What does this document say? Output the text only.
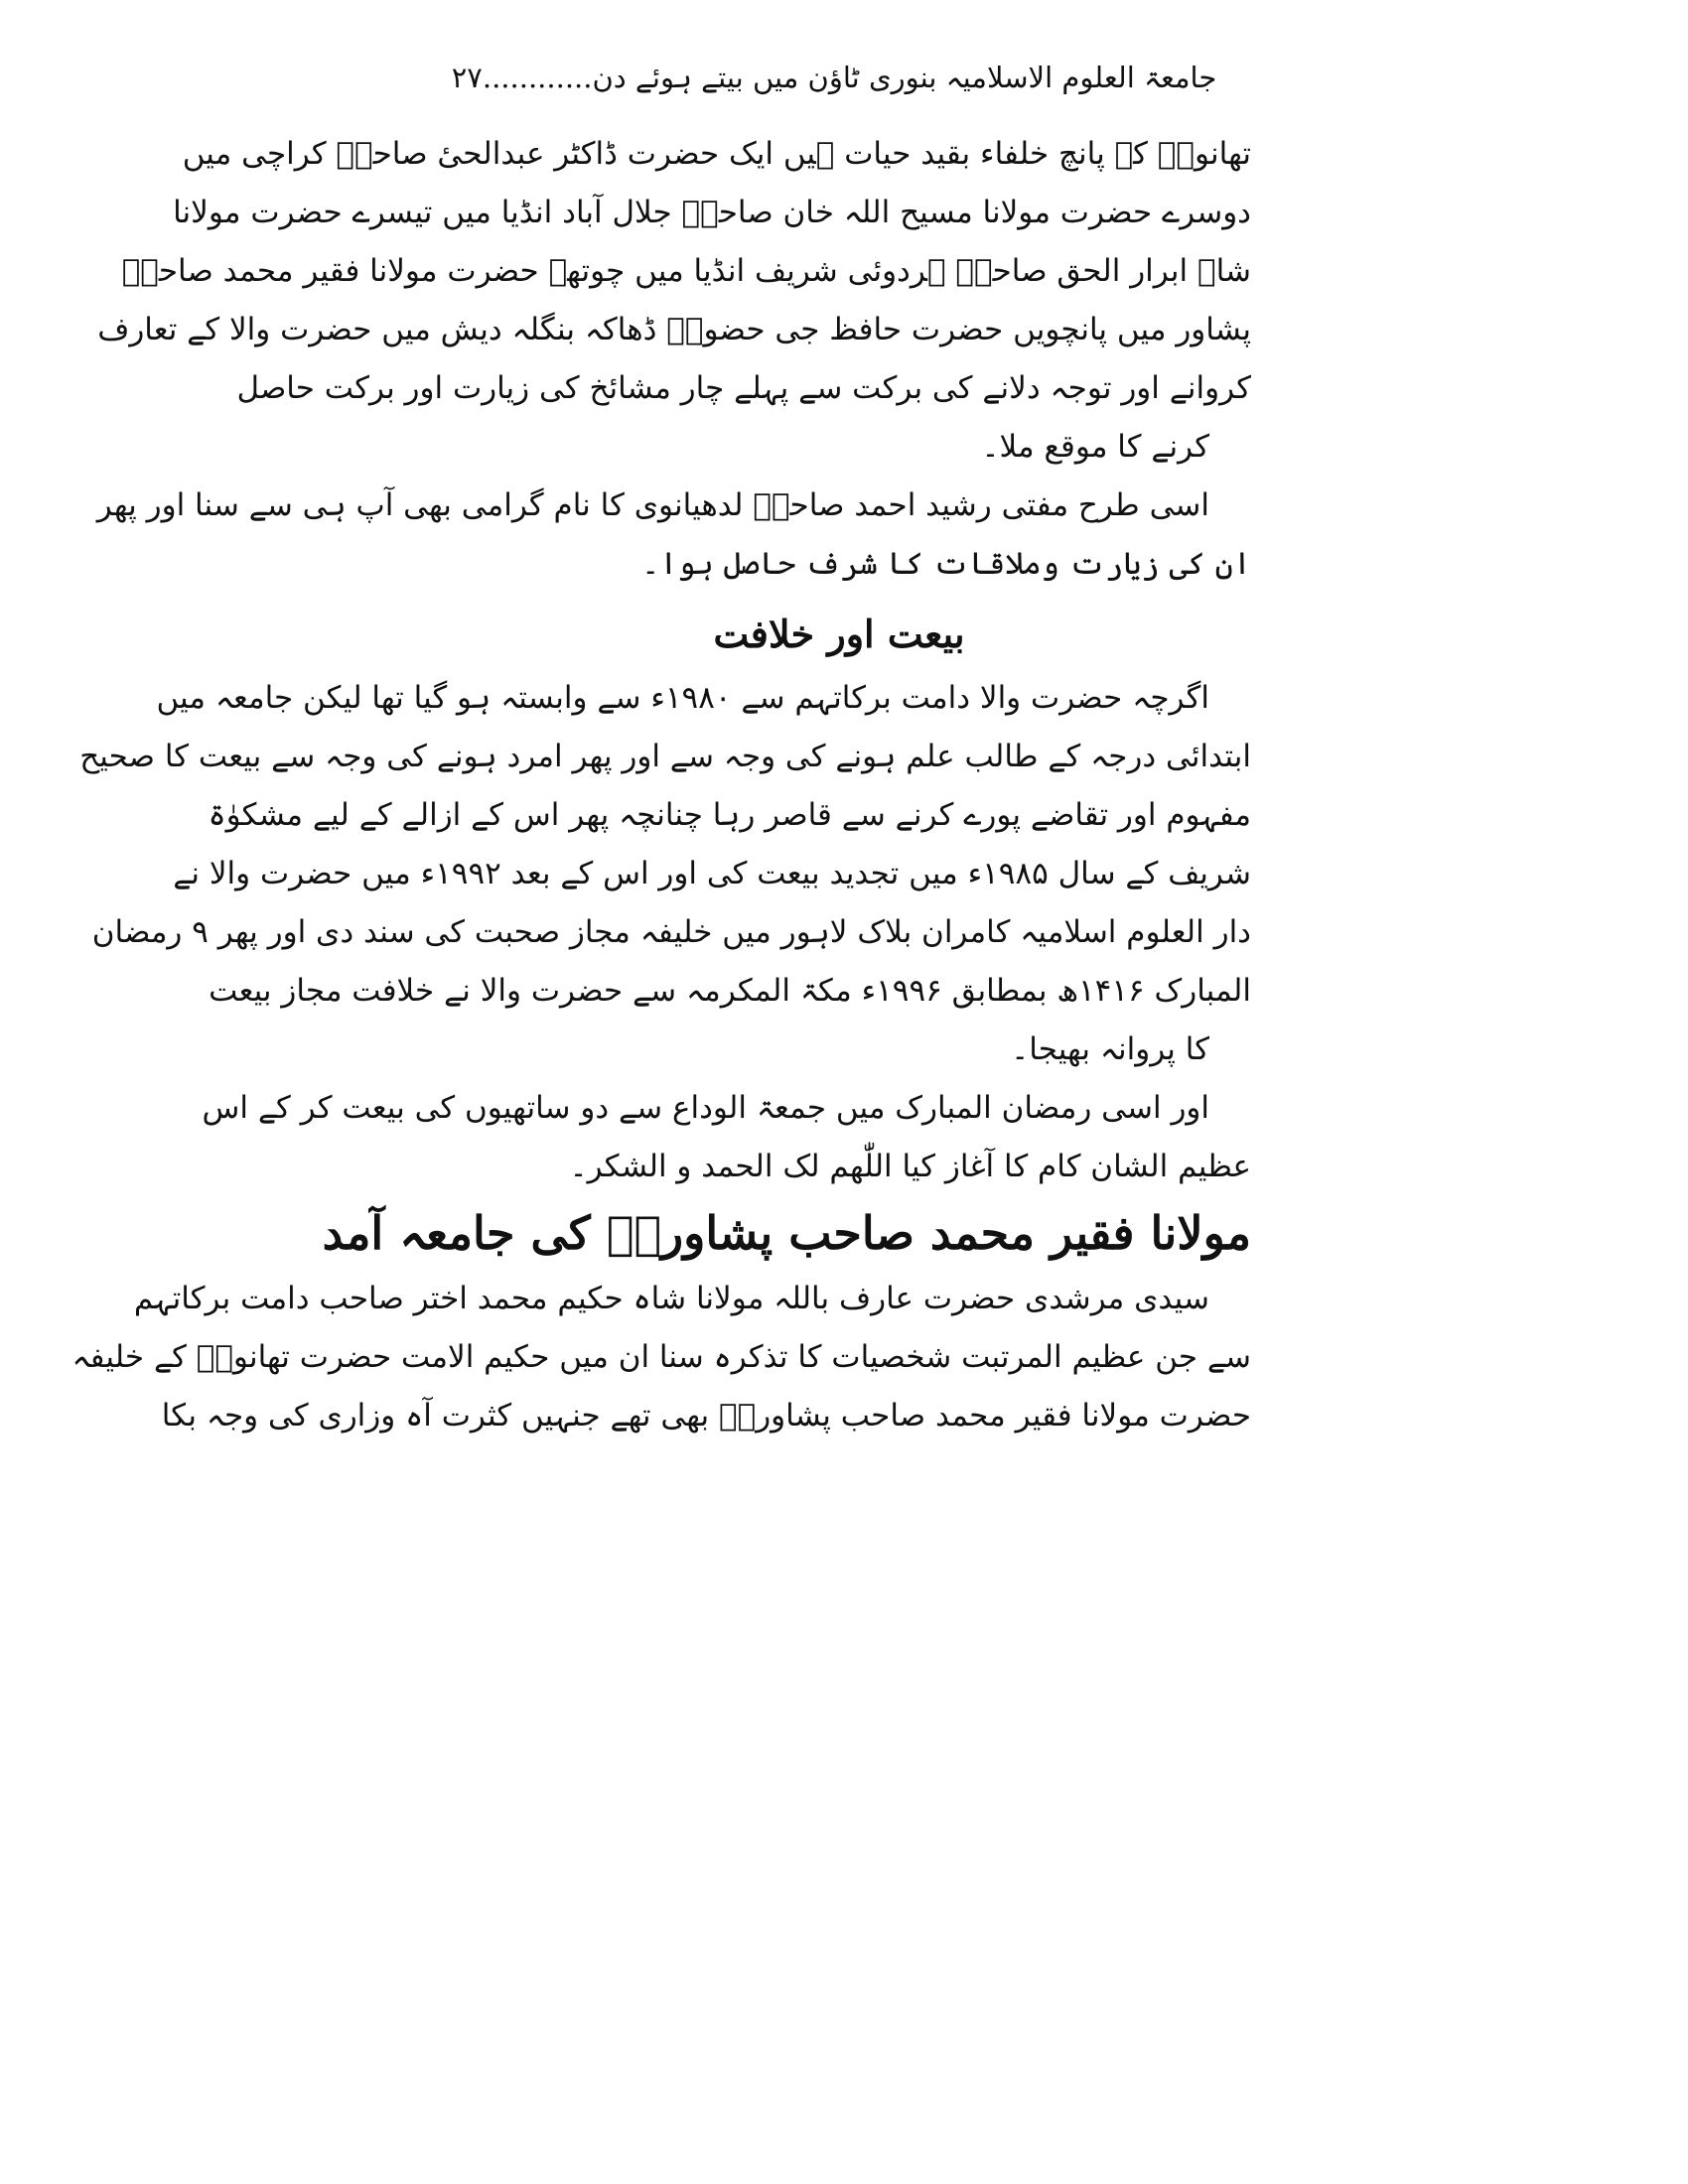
جامعۃ العلوم الاسلامیہ بنوری ٹاؤن میں بیتے ہوئے دن............۲۷
تھانویؒ کے پانچ خلفاء بقید حیات ہیں ایک حضرت ڈاکٹر عبدالحیٔ صاحبؒ کراچی میں
دوسرے حضرت مولانا مسیح اللہ خان صاحبؒ جلال آباد انڈیا میں تیسرے حضرت مولانا
شاہ ابرار الحق صاحبؒ ہردوئی شریف انڈیا میں چوتھے حضرت مولانا فقیر محمد صاحبؒ
پشاور میں پانچویں حضرت حافظ جی حضورؒ ڈھاکہ بنگلہ دیش میں حضرت والا کے تعارف
کروانے اور توجہ دلانے کی برکت سے پہلے چار مشائخ کی زیارت اور برکت حاصل
کرنے کا موقع ملا۔
اسی طرح مفتی رشید احمد صاحبؒ لدھیانوی کا نام گرامی بھی آپ ہی سے سنا اور پھر
ان کی زیارت وملاقات کا شرف حاصل ہوا۔
بیعت اور خلافت
اگرچہ حضرت والا دامت برکاتہم سے ۱۹۸۰ء سے وابستہ ہو گیا تھا لیکن جامعہ میں
ابتدائی درجہ کے طالب علم ہونے کی وجہ سے اور پھر امرد ہونے کی وجہ سے بیعت کا صحیح
مفہوم اور تقاضے پورے کرنے سے قاصر رہا چنانچہ پھر اس کے ازالے کے لیے مشکوٰۃ
شریف کے سال ۱۹۸۵ء میں تجدید بیعت کی اور اس کے بعد ۱۹۹۲ء میں حضرت والا نے
دار العلوم اسلامیہ کامران بلاک لاہور میں خلیفہ مجاز صحبت کی سند دی اور پھر ۹ رمضان
المبارک ۱۴۱۶ھ بمطابق ۱۹۹۶ء مکۃ المکرمہ سے حضرت والا نے خلافت مجاز بیعت
کا پروانہ بھیجا۔
اور اسی رمضان المبارک میں جمعۃ الوداع سے دو ساتھیوں کی بیعت کر کے اس
عظیم الشان کام کا آغاز کیا اللّٰھم لک الحمد و الشکر۔
مولانا فقیر محمد صاحب پشاوریؒ کی جامعہ آمد
سیدی مرشدی حضرت عارف باللہ مولانا شاہ حکیم محمد اختر صاحب دامت برکاتہم
سے جن عظیم المرتبت شخصیات کا تذکرہ سنا ان میں حکیم الامت حضرت تھانویؒ کے خلیفہ
حضرت مولانا فقیر محمد صاحب پشاوریؒ بھی تھے جنہیں کثرت آہ وزاری کی وجہ بکا
